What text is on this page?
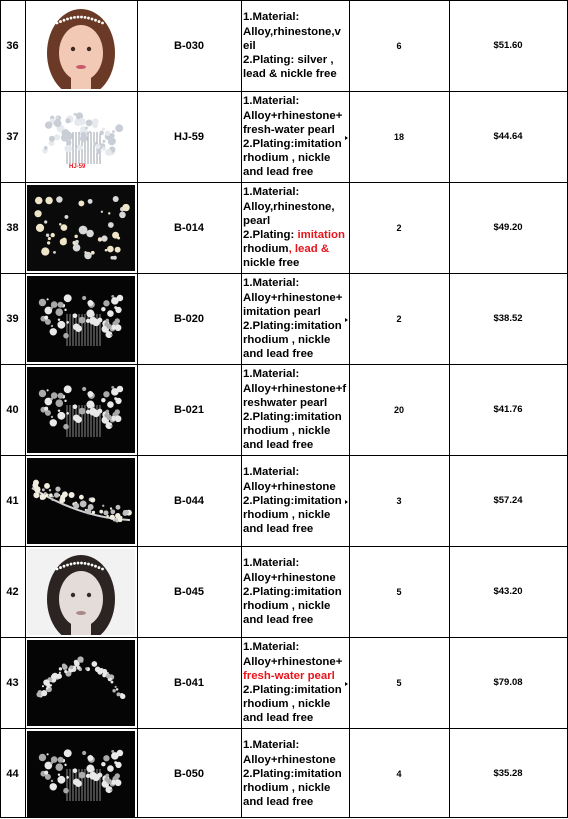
36	B-030
1.Material:
Alloy,rhinestone,v
eil
2.Plating: silver ,
lead & nickle free
6	$51.60
37
HJ-59
HJ-59
1.Material:
Alloy+rhinestone+
fresh-water pearl
2.Plating:imitation
rhodium , nickle
and lead free
18	$44.64
38	B-014
1.Material:
Alloy,rhinestone,
pearl
2.Plating: imitation
rhodium, lead &
nickle free
2	$49.20
39	B-020
1.Material:
Alloy+rhinestone+
imitation pearl
2.Plating:imitation
rhodium , nickle
and lead free
2	$38.52
40	B-021
1.Material:
Alloy+rhinestone+f
reshwater pearl
2.Plating:imitation
rhodium , nickle
and lead free
20	$41.76
41	B-044
1.Material:
Alloy+rhinestone
2.Plating:imitation
rhodium , nickle
and lead free
3	$57.24
42	B-045
1.Material:
Alloy+rhinestone
2.Plating:imitation
rhodium , nickle
and lead free
5	$43.20
43	B-041
1.Material:
Alloy+rhinestone+
fresh-water pearl
2.Plating:imitation
rhodium , nickle
and lead free
5	$79.08
44	B-050
1.Material:
Alloy+rhinestone
2.Plating:imitation
rhodium , nickle
and lead free
4	$35.28
